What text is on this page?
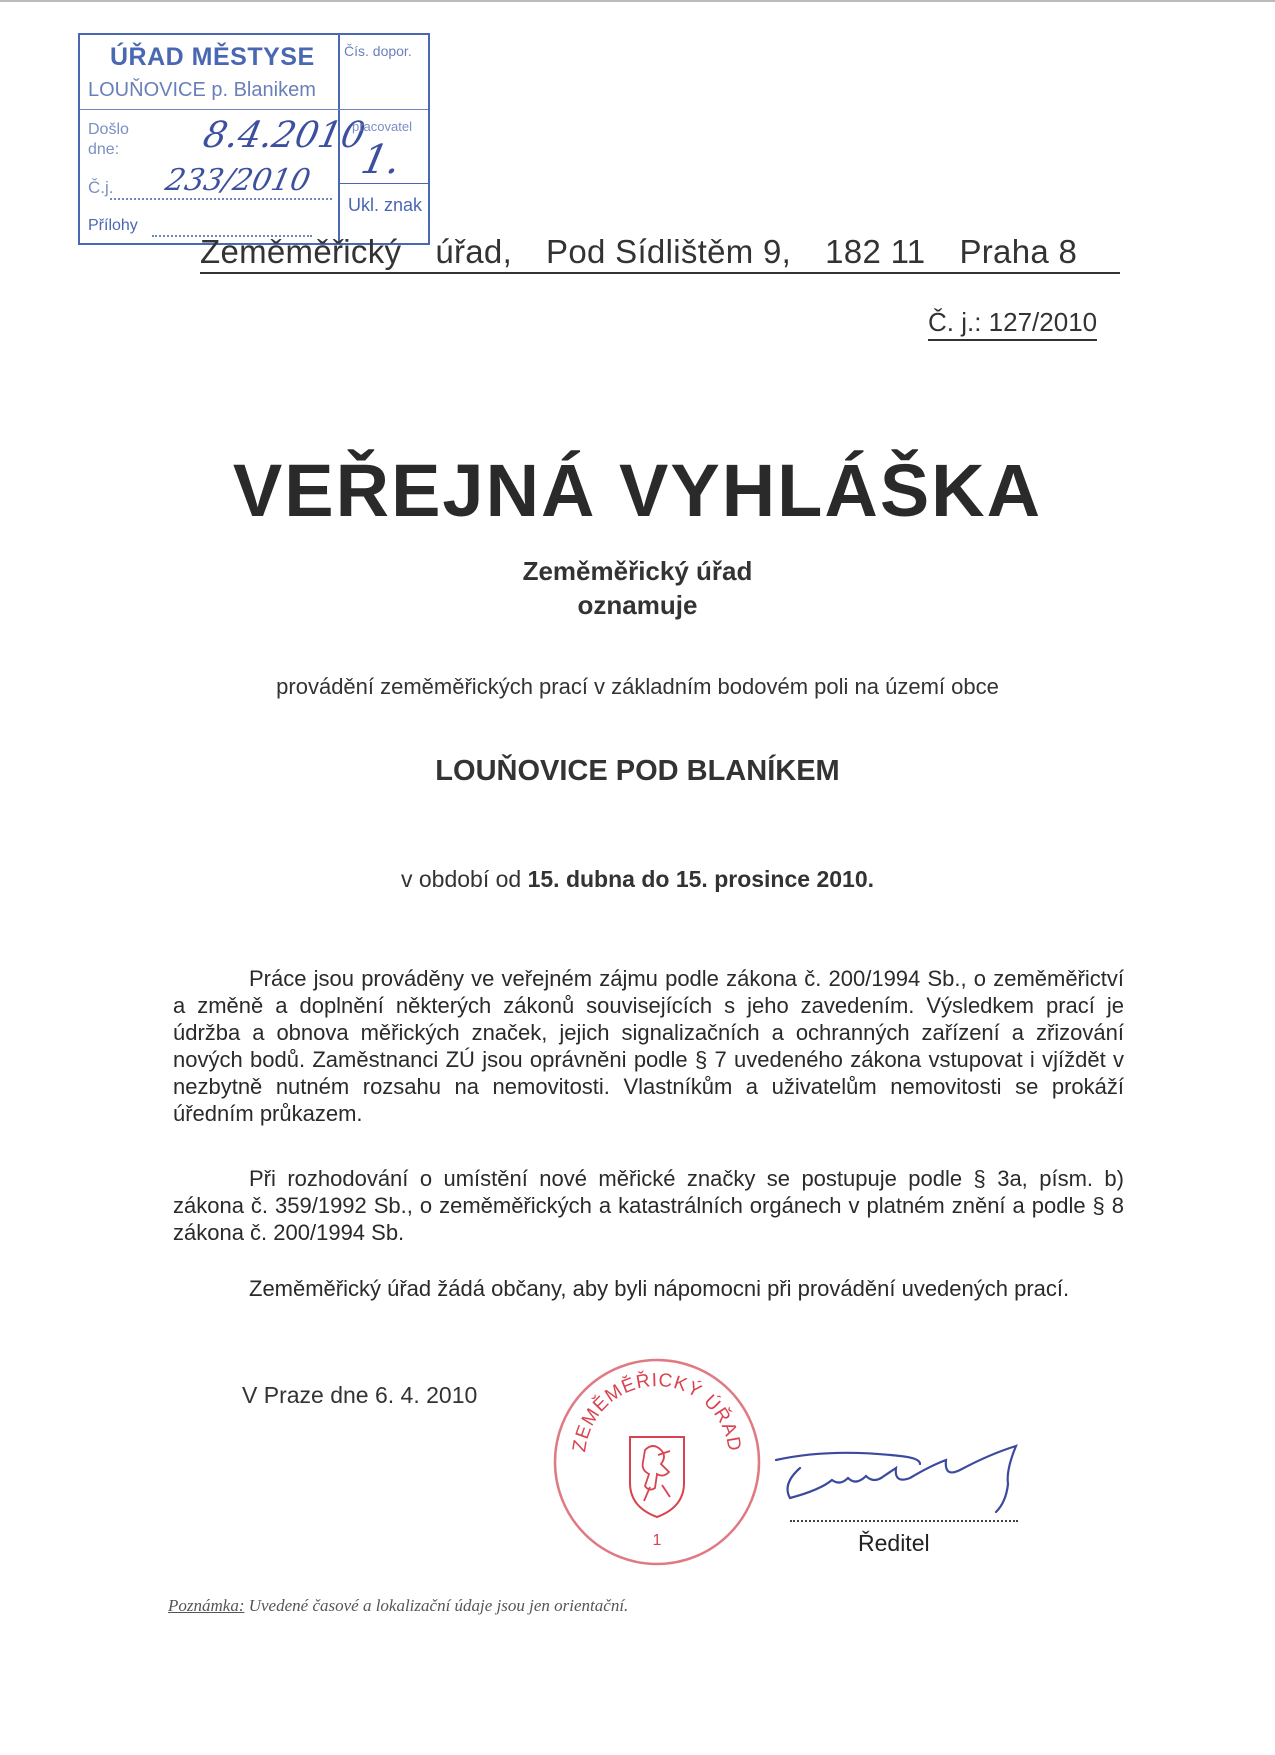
ÚŘAD MĚSTYSE
LOUŇOVICE p. Blanikem
Čís. dopor.
Došlo
dne: 8.4.2010
Č.j. 233/2010
Přílohy
pracovatel
1.
Ukl. znak
Zeměměřický úřad, Pod Sídlištěm 9, 182 11 Praha 8
Č. j.: 127/2010
VEŘEJNÁ VYHLÁŠKA
Zeměměřický úřad
oznamuje
provádění zeměměřických prací v základním bodovém poli na území obce
LOUŇOVICE POD BLANÍKEM
v období od 15. dubna do 15. prosince 2010.
Práce jsou prováděny ve veřejném zájmu podle zákona č. 200/1994 Sb., o zeměměřictví a změně a doplnění některých zákonů souvisejících s jeho zavedením. Výsledkem prací je údržba a obnova měřických značek, jejich signalizačních a ochranných zařízení a zřizování nových bodů. Zaměstnanci ZÚ jsou oprávněni podle § 7 uvedeného zákona vstupovat i vjíždět v nezbytně nutném rozsahu na nemovitosti. Vlastníkům a uživatelům nemovitosti se prokáží úředním průkazem.
Při rozhodování o umístění nové měřické značky se postupuje podle § 3a, písm. b) zákona č. 359/1992 Sb., o zeměměřických a katastrálních orgánech v platném znění a podle § 8 zákona č. 200/1994 Sb.
Zeměměřický úřad žádá občany, aby byli nápomocni při provádění uvedených prací.
V Praze dne 6. 4. 2010
ZEMĚMĚŘICKÝ ÚŘAD
1	Ředitel
Poznámka: Uvedené časové a lokalizační údaje jsou jen orientační.
